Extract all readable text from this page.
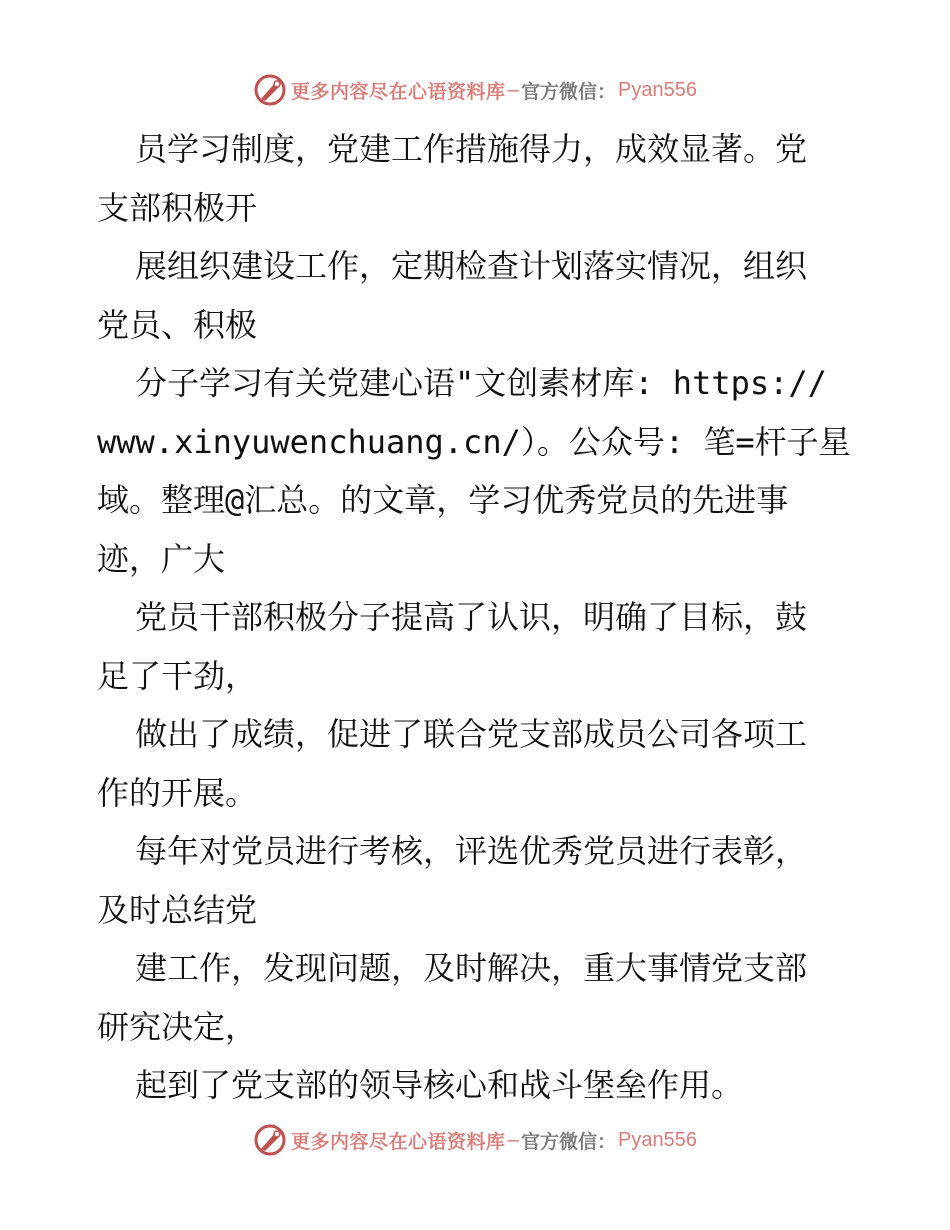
更多内容尽在心语资料库 — 官方微信： Pyan556
员学习制度，党建工作措施得力，成效显著。党
支部积极开
展组织建设工作，定期检查计划落实情况，组织
党员、积极
分子学习有关党建心语"文创素材库: https://
www.xinyuwenchuang.cn/）。公众号: 笔=杆子星
域。整理@汇总。的文章，学习优秀党员的先进事
迹，广大
党员干部积极分子提高了认识，明确了目标，鼓
足了干劲，
做出了成绩，促进了联合党支部成员公司各项工
作的开展。
每年对党员进行考核，评选优秀党员进行表彰，
及时总结党
建工作，发现问题，及时解决，重大事情党支部
研究决定，
起到了党支部的领导核心和战斗堡垒作用。
更多内容尽在心语资料库 — 官方微信： Pyan556
